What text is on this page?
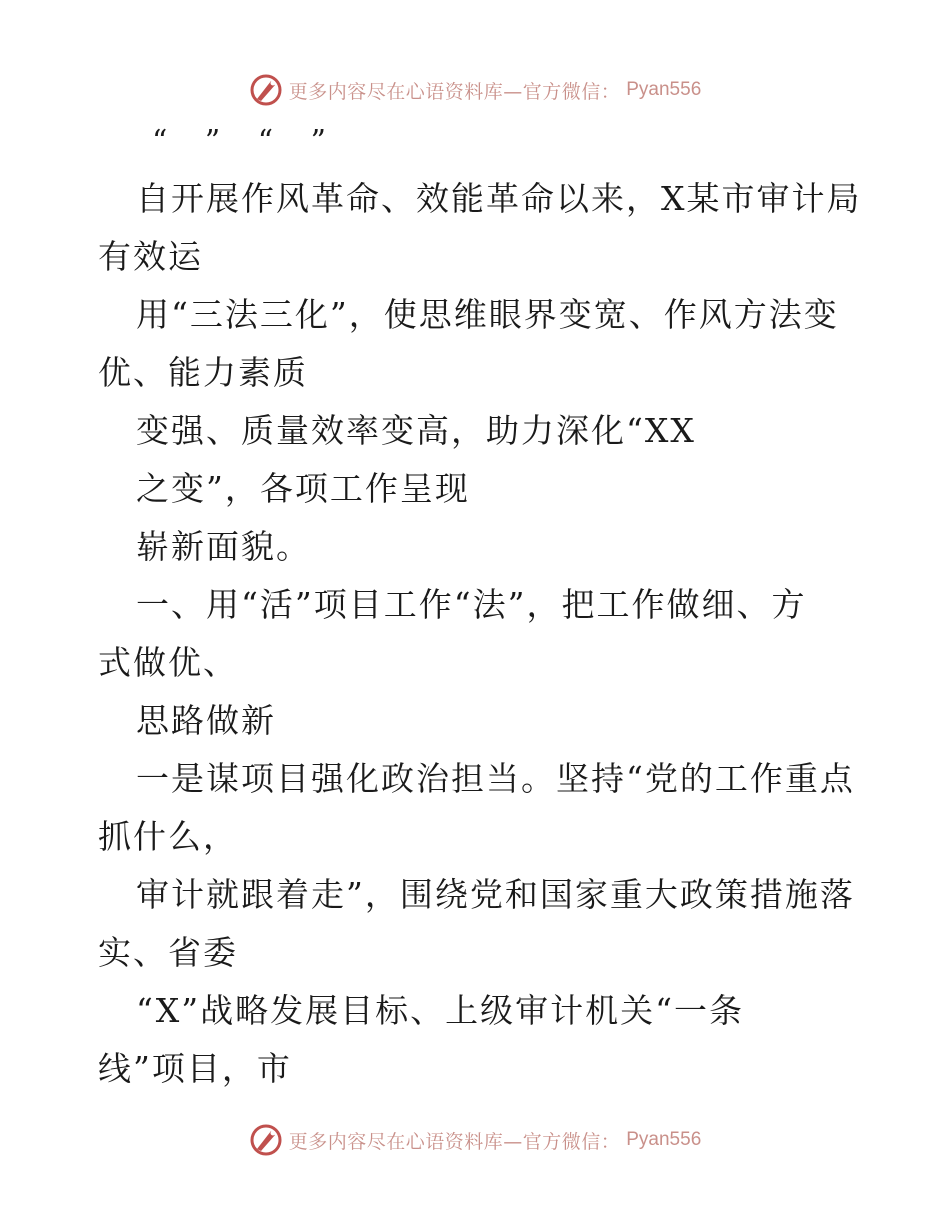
更多内容尽在心语资料库—官方微信： Pyan556
“ ” “ ”
自开展作风革命、效能革命以来，X某市审计局
有效运
用“三法三化”，使思维眼界变宽、作风方法变
优、能力素质
变强、质量效率变高，助力深化“XX
之变”，各项工作呈现
崭新面貌。
一、用“活”项目工作“法”，把工作做细、方
式做优、
思路做新
一是谋项目强化政治担当。坚持“党的工作重点
抓什么，
审计就跟着走”，围绕党和国家重大政策措施落
实、省委
“X”战略发展目标、上级审计机关“一条
线”项目，市
更多内容尽在心语资料库—官方微信： Pyan556
